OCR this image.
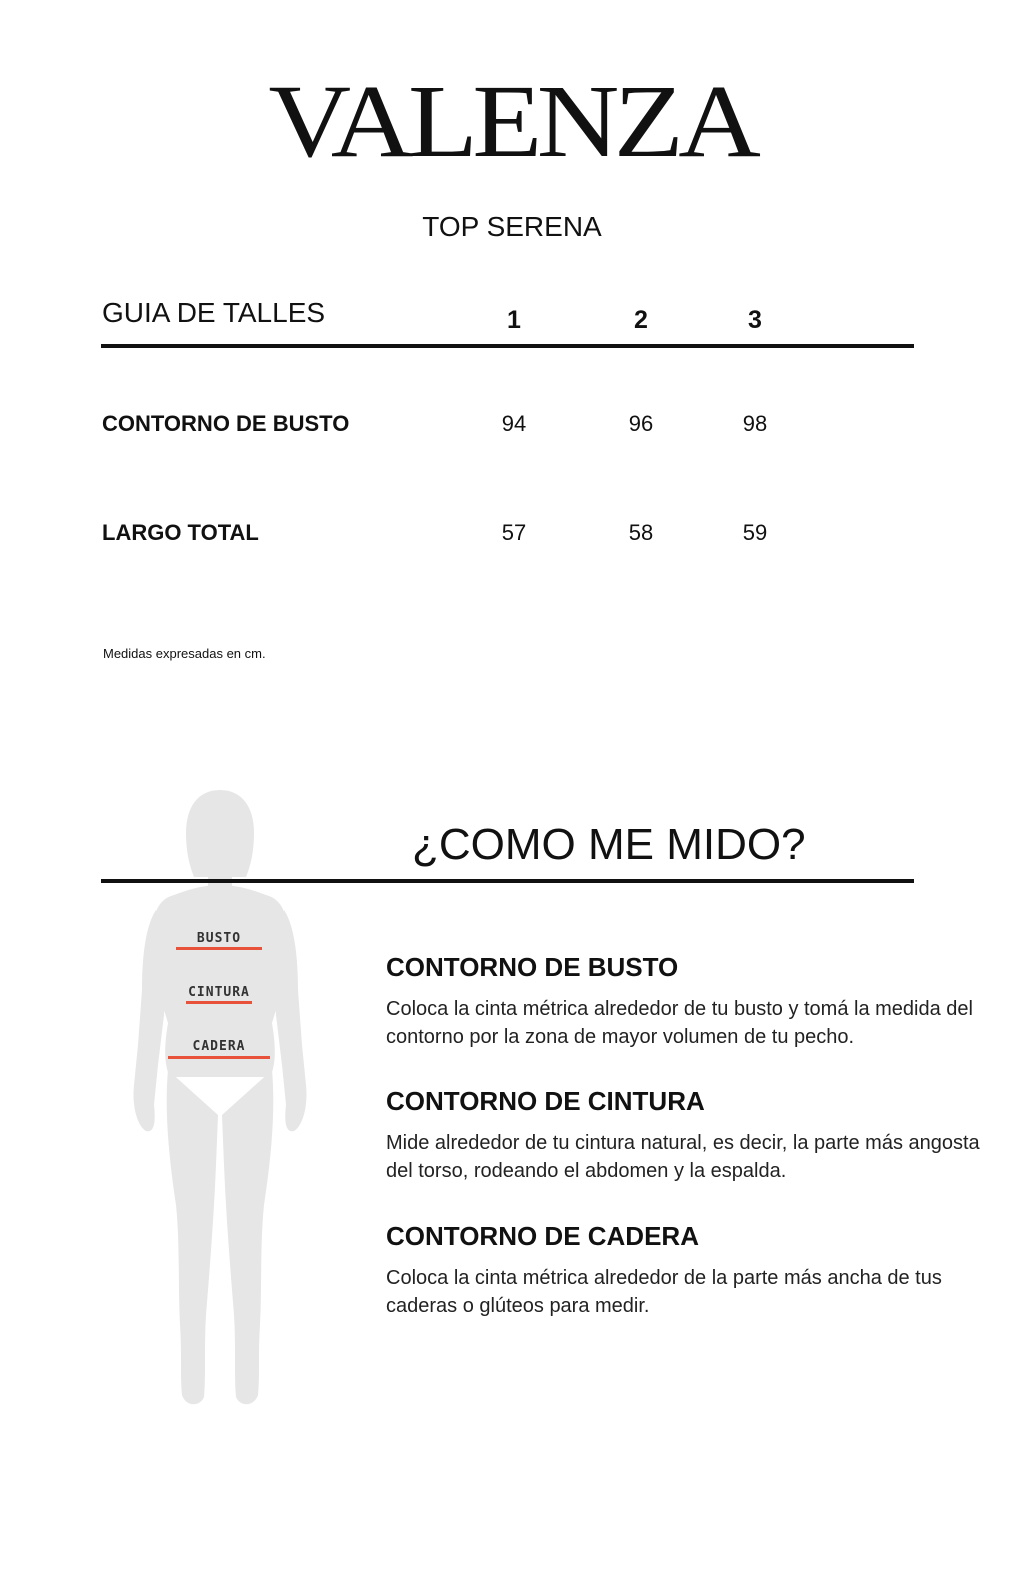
VALENZA
TOP SERENA
GUIA DE TALLES	1	2	3
CONTORNO DE BUSTO	94	96	98
LARGO TOTAL	57	58	59
Medidas expresadas en cm.
BUSTO
CINTURA
CADERA
¿COMO ME MIDO?
CONTORNO DE BUSTO
Coloca la cinta métrica alrededor de tu busto y tomá la medida del contorno por la zona de mayor volumen de tu pecho.
CONTORNO DE CINTURA
Mide alrededor de tu cintura natural, es decir, la parte más angosta del torso, rodeando el abdomen y la espalda.
CONTORNO DE CADERA
Coloca la cinta métrica alrededor de la parte más ancha de tus caderas o glúteos para medir.
